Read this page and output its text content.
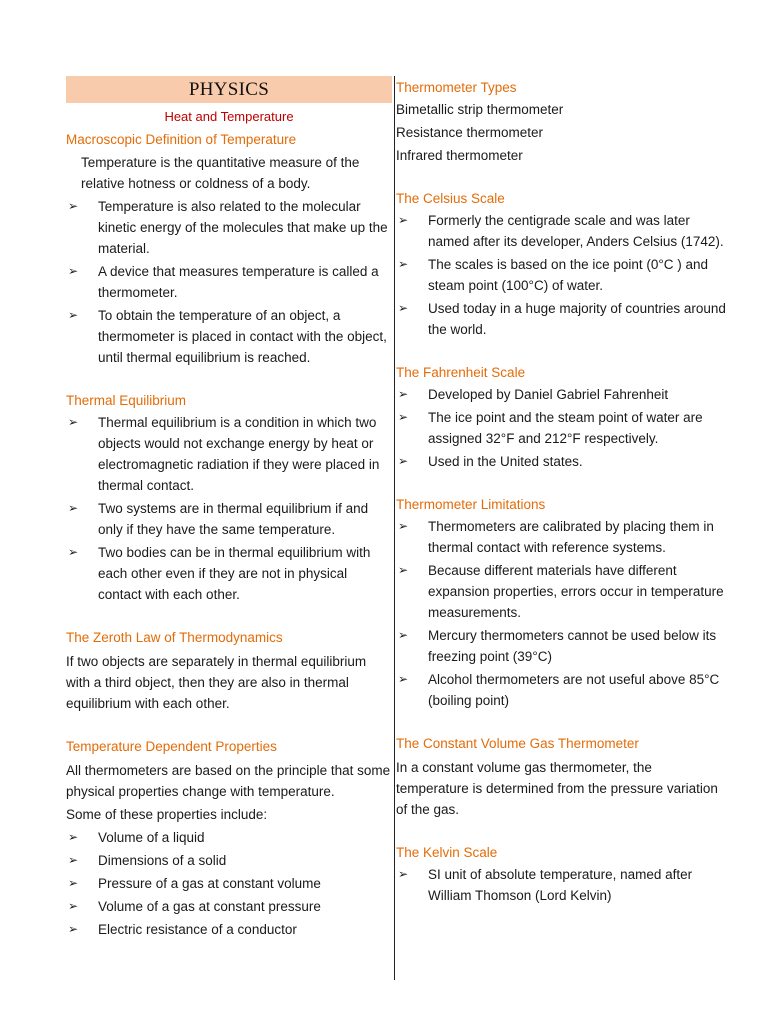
PHYSICS
Heat and Temperature
Macroscopic Definition of Temperature
Temperature is the quantitative measure of the relative hotness or coldness of a body.
➢ Temperature is also related to the molecular kinetic energy of the molecules that make up the material.
➢ A device that measures temperature is called a thermometer.
➢ To obtain the temperature of an object, a thermometer is placed in contact with the object, until thermal equilibrium is reached.
Thermal Equilibrium
➢ Thermal equilibrium is a condition in which two objects would not exchange energy by heat or electromagnetic radiation if they were placed in thermal contact.
➢ Two systems are in thermal equilibrium if and only if they have the same temperature.
➢ Two bodies can be in thermal equilibrium with each other even if they are not in physical contact with each other.
The Zeroth Law of Thermodynamics
If two objects are separately in thermal equilibrium with a third object, then they are also in thermal equilibrium with each other.
Temperature Dependent Properties
All thermometers are based on the principle that some physical properties change with temperature.
Some of these properties include:
➢ Volume of a liquid
➢ Dimensions of a solid
➢ Pressure of a gas at constant volume
➢ Volume of a gas at constant pressure
➢ Electric resistance of a conductor
Thermometer Types
Bimetallic strip thermometer
Resistance thermometer
Infrared thermometer
The Celsius Scale
➢ Formerly the centigrade scale and was later named after its developer, Anders Celsius (1742).
➢ The scales is based on the ice point (0°C ) and steam point (100°C) of water.
➢ Used today in a huge majority of countries around the world.
The Fahrenheit Scale
➢ Developed by Daniel Gabriel Fahrenheit
➢ The ice point and the steam point of water are assigned 32°F and 212°F respectively.
➢ Used in the United states.
Thermometer Limitations
➢ Thermometers are calibrated by placing them in thermal contact with reference systems.
➢ Because different materials have different expansion properties, errors occur in temperature measurements.
➢ Mercury thermometers cannot be used below its freezing point (39°C)
➢ Alcohol thermometers are not useful above 85°C (boiling point)
The Constant Volume Gas Thermometer
In a constant volume gas thermometer, the temperature is determined from the pressure variation of the gas.
The Kelvin Scale
➢ SI unit of absolute temperature, named after William Thomson (Lord Kelvin)
